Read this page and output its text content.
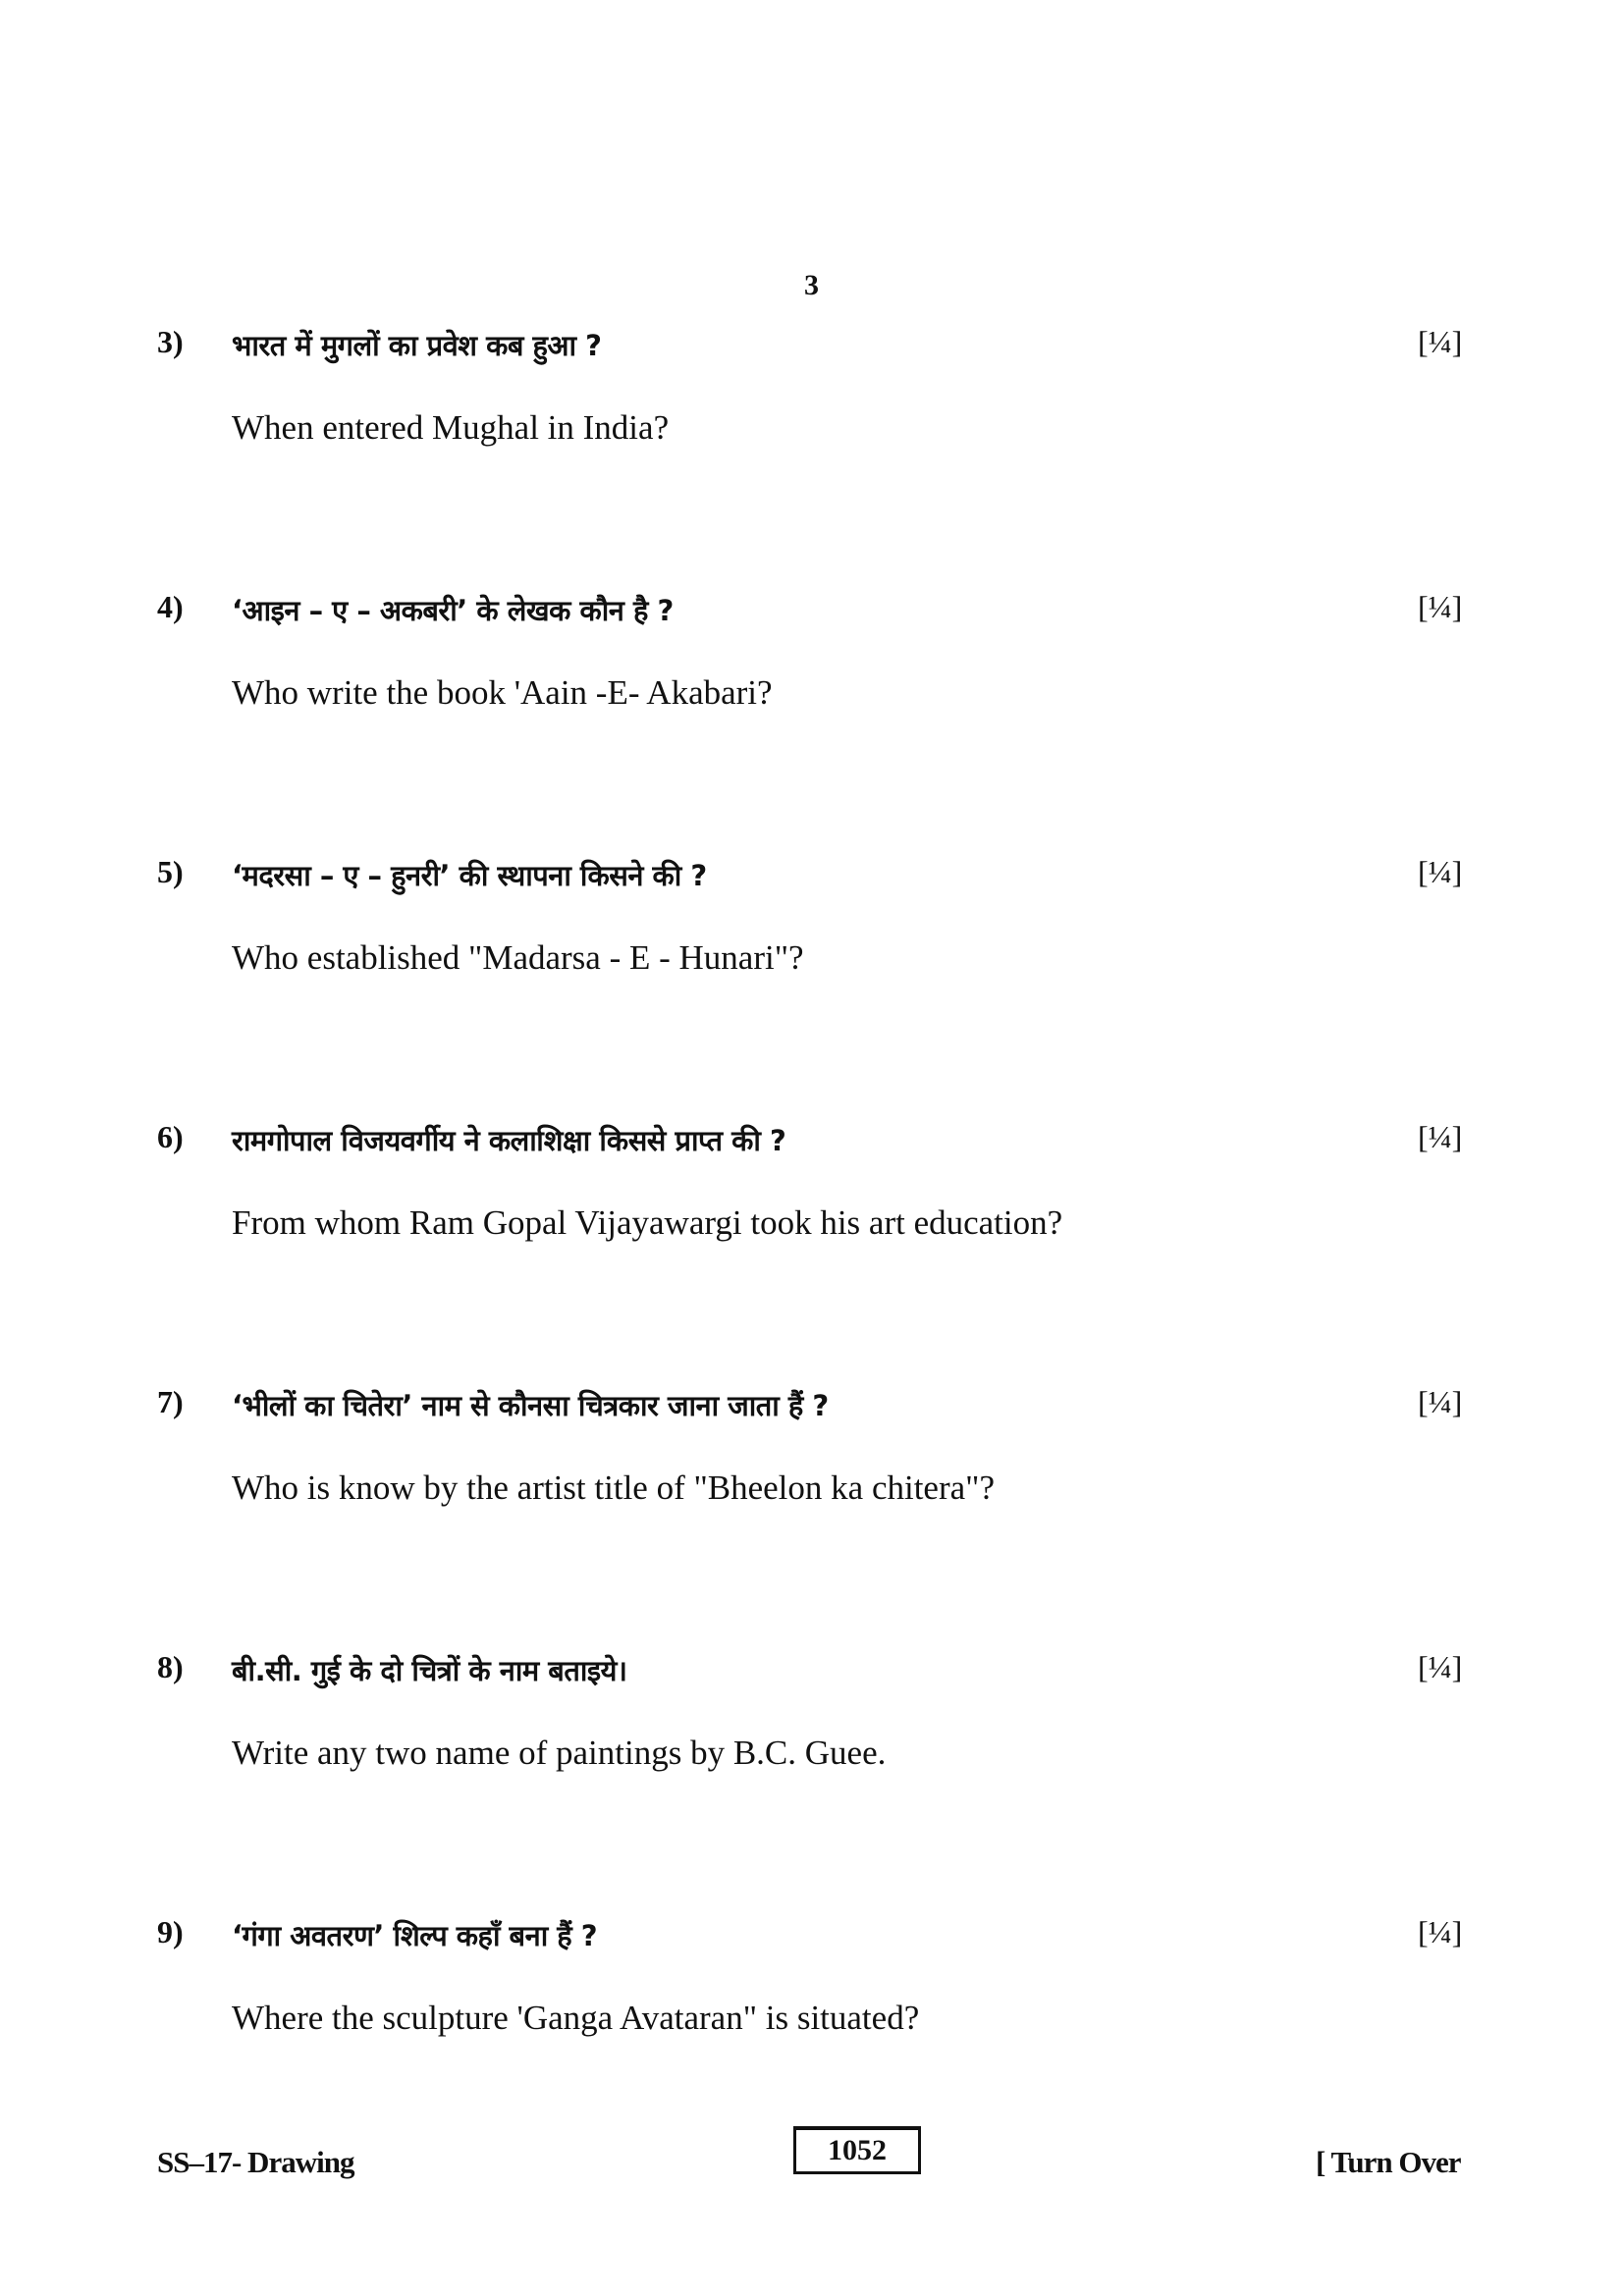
3
3) भारत में मुगलों का प्रवेश कब हुआ ?	[¼]
When entered Mughal in India?
4) ‘आइन – ए – अकबरी’ के लेखक कौन है ?	[¼]
Who write the book 'Aain -E- Akabari?
5) ‘मदरसा – ए – हुनरी’ की स्थापना किसने की ?	[¼]
Who established "Madarsa - E - Hunari"?
6) रामगोपाल विजयवर्गीय ने कलाशिक्षा किससे प्राप्त की ?	[¼]
From whom Ram Gopal Vijayawargi took his art education?
7) ‘भीलों का चितेरा’ नाम से कौनसा चित्रकार जाना जाता हैं ?	[¼]
Who is know by the artist title of "Bheelon ka chitera"?
8) बी.सी. गुई के दो चित्रों के नाम बताइये।	[¼]
Write any two name of paintings by B.C. Guee.
9) ‘गंगा अवतरण’ शिल्प कहाँ बना हैं ?	[¼]
Where the sculpture 'Ganga Avataran" is situated?
SS–17- Drawing	1052	[ Turn Over
